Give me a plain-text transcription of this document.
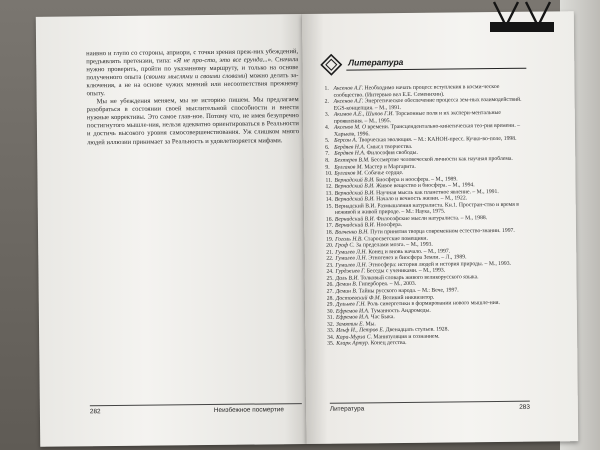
наивно и глупо со стороны, априори, с точки зрения преж-них убеждений, предъявлять претензии, типа: «Я не про-сто, это все ерунда...». Сначала нужно проверить, пройти по указанному маршруту, и только на основе полученного опыта (своими мыслями и своими словами) можно делать за-ключения, а не на основе чужих мнений или несоответствия прежнему опыту.

Мы не убеждения меняем, мы не историю пишем. Мы предлагаем разобраться в состоянии своей мыслительной способности и внести нужные коррективы. Это самое глав-ное. Потому что, не имея безупречно постигнутого мышле-ния, нельзя адекватно ориентироваться в Реальности и достичь высокого уровня самосовершенствования. Уж слишком много людей иллюзии принимает за Реальность и удовлетворяется мифами.

282	Неизбежное посмертие
Литература
1. Аксенов А.Г. Необходимо начать процесс вступления в косми-ческое сообщество. (Интервью вел Е.Е. Семенихин).
2. Аксенов А.Г. Энергетическое обеспечение процесса зем-ных взаимодействий. EGS-концепция. – М., 1991.
3. Акимов А.Е., Шипов Г.И. Торсионные поля и их экспери-ментальные проявления. – М., 1995.
4. Аксенов М. О времени. Трансцендентально-кинетическая тео-рия времени. – Харьков, 1996.
5. Берсон А. Творческая эволюция. – М.: КАНОН-пресс. Кучко-во-поле, 1998.
6. Бердяев Н.А. Смысл творчества.
7. Бердяев Н.А. Философия свободы.
8. Бехтерев В.М. Бессмертие человеческой личности как научная проблема.
9. Булгаков М. Мастер и Маргарита.
10. Булгаков М. Собачье сердце.
11. Вернадский В.И. Биосфера и ноосфера. – М., 1989.
12. Вернадский В.И. Живое вещество и биосфера. – М., 1994.
13. Вернадский В.И. Научная мысль как планетное явление. – М., 1991.
14. Вернадский В.И. Начало и вечность жизни. – М., 1922.
15. Вернадский В.И. Размышления натуралиста. Кн.1. Простран-ство и время в неживой и живой природе. – М.: Наука, 1975.
16. Вернадский В.И. Философские мысли натуралиста. – М., 1988.
17. Вернадский В.И. Ноосфера.
18. Волченко В.Н. Пути принятия творца современном естество-знании. 1997.
19. Гоголь Н.В. Старосветские помещики.
20. Гроф С. За пределами мозга. – М., 1993.
21. Гумилев Л.Н. Конец и вновь начало. – М., 1997.
22. Гумилев Л.Н. Этногенез и биосфера Земли. – Л., 1989.
23. Гумилев Л.Н. Этносфера: история людей и история природы. – М., 1993.
24. Гурджиев Г. Беседы с учениками. – М., 1993.
25. Даль В.И. Толковый словарь живого великорусского языка.
26. Демин В. Гиперборея. – М., 2003.
27. Демин В. Тайны русского народа. – М.: Вече, 1997.
28. Достоевский Ф.М. Великий инквизитор.
29. Дульнев Г.Н. Роль синергетики в формировании нового мышле-ния.
30. Ефремов И.А. Туманность Андромеды.
31. Ефремов И.А. Час Быка.
32. Замятин Е. Мы.
33. Ильф И., Петров Е. Двенадцать стульев. 1928.
34. Кара-Мурза С. Манипуляция и сознанием.
35. Кларк Артур. Конец детства.
Литература	283
